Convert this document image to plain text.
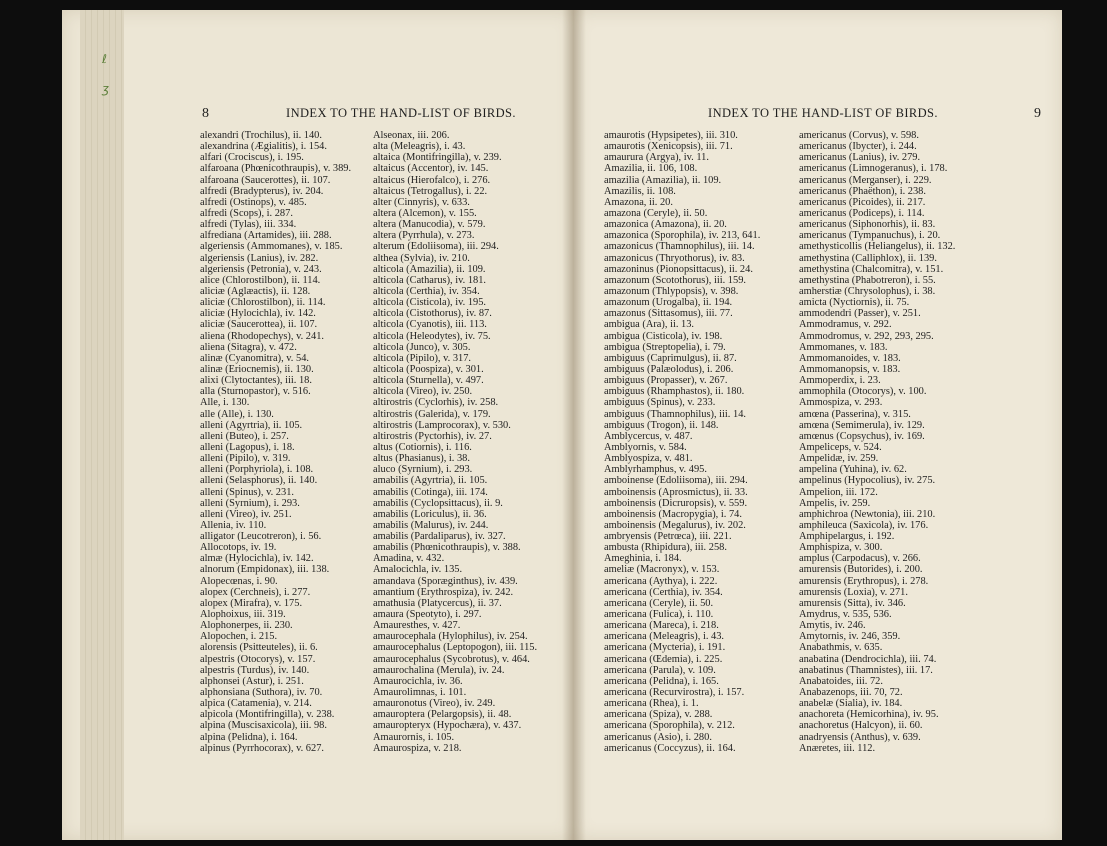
ℓ
ʒ
8	INDEX TO THE HAND-LIST OF BIRDS.
alexandri (Trochilus), ii. 140.
alexandrina (Ægialitis), i. 154.
alfari (Crociscus), i. 195.
alfaroana (Phœnicothraupis), v. 389.
alfaroana (Saucerottes), ii. 107.
alfredi (Bradypterus), iv. 204.
alfredi (Ostinops), v. 485.
alfredi (Scops), i. 287.
alfredi (Tylas), iii. 334.
alfrediana (Artamides), iii. 288.
algeriensis (Ammomanes), v. 185.
algeriensis (Lanius), iv. 282.
algeriensis (Petronia), v. 243.
alice (Chlorostilbon), ii. 114.
aliciæ (Aglæactis), ii. 128.
aliciæ (Chlorostilbon), ii. 114.
aliciæ (Hylocichla), iv. 142.
aliciæ (Saucerottea), ii. 107.
aliena (Rhodopechys), v. 241.
aliena (Sitagra), v. 472.
alinæ (Cyanomitra), v. 54.
alinæ (Eriocnemis), ii. 130.
alixi (Clytoctantes), iii. 18.
alla (Sturnopastor), v. 516.
Alle, i. 130.
alle (Alle), i. 130.
alleni (Agyrtria), ii. 105.
alleni (Buteo), i. 257.
alleni (Lagopus), i. 18.
alleni (Pipilo), v. 319.
alleni (Porphyriola), i. 108.
alleni (Selasphorus), ii. 140.
alleni (Spinus), v. 231.
alleni (Syrnium), i. 293.
alleni (Vireo), iv. 251.
Allenia, iv. 110.
alligator (Leucotreron), i. 56.
Allocotops, iv. 19.
almæ (Hylocichla), iv. 142.
alnorum (Empidonax), iii. 138.
Alopecœnas, i. 90.
alopex (Cerchneis), i. 277.
alopex (Mirafra), v. 175.
Alophoixus, iii. 319.
Alophonerpes, ii. 230.
Alopochen, i. 215.
alorensis (Psitteuteles), ii. 6.
alpestris (Otocorys), v. 157.
alpestris (Turdus), iv. 140.
alphonsei (Astur), i. 251.
alphonsiana (Suthora), iv. 70.
alpica (Catamenia), v. 214.
alpicola (Montifringilla), v. 238.
alpina (Muscisaxicola), iii. 98.
alpina (Pelidna), i. 164.
alpinus (Pyrrhocorax), v. 627.
Alseonax, iii. 206.
alta (Meleagris), i. 43.
altaica (Montifringilla), v. 239.
altaicus (Accentor), iv. 145.
altaicus (Hierofalco), i. 276.
altaicus (Tetrogallus), i. 22.
alter (Cinnyris), v. 633.
altera (Alcemon), v. 155.
altera (Manucodia), v. 579.
altera (Pyrrhula), v. 273.
alterum (Edoliisoma), iii. 294.
althea (Sylvia), iv. 210.
alticola (Amazilia), ii. 109.
alticola (Catharus), iv. 181.
alticola (Certhia), iv. 354.
alticola (Cisticola), iv. 195.
alticola (Cistothorus), iv. 87.
alticola (Cyanotis), iii. 113.
alticola (Heleodytes), iv. 75.
alticola (Junco), v. 305.
alticola (Pipilo), v. 317.
alticola (Poospiza), v. 301.
alticola (Sturnella), v. 497.
alticola (Vireo), iv. 250.
altirostris (Cyclorhis), iv. 258.
altirostris (Galerida), v. 179.
altirostris (Lamprocorax), v. 530.
altirostris (Pyctorhis), iv. 27.
altus (Cotiornis), i. 116.
altus (Phasianus), i. 38.
aluco (Syrnium), i. 293.
amabilis (Agyrtria), ii. 105.
amabilis (Cotinga), iii. 174.
amabilis (Cyclopsittacus), ii. 9.
amabilis (Loriculus), ii. 36.
amabilis (Malurus), iv. 244.
amabilis (Pardaliparus), iv. 327.
amabilis (Phœnicothraupis), v. 388.
Amadina, v. 432.
Amalocichla, iv. 135.
amandava (Sporæginthus), iv. 439.
amantium (Erythrospiza), iv. 242.
amathusia (Platycercus), ii. 37.
amaura (Speotyto), i. 297.
Amauresthes, v. 427.
amaurocephala (Hylophilus), iv. 254.
amaurocephalus (Leptopogon), iii. 115.
amaurocephalus (Sycobrotus), v. 464.
amaurochalina (Merula), iv. 24.
Amaurocichla, iv. 36.
Amaurolimnas, i. 101.
amauronotus (Vireo), iv. 249.
amauroptera (Pelargopsis), ii. 48.
amauropteryx (Hypochæra), v. 437.
Amaurornis, i. 105.
Amaurospiza, v. 218.
INDEX TO THE HAND-LIST OF BIRDS.	9
amaurotis (Hypsipetes), iii. 310.
amaurotis (Xenicopsis), iii. 71.
amaurura (Argya), iv. 11.
Amazilia, ii. 106, 108.
amazilia (Amazilia), ii. 109.
Amazilis, ii. 108.
Amazona, ii. 20.
amazona (Ceryle), ii. 50.
amazonica (Amazona), ii. 20.
amazonica (Sporophila), iv. 213, 641.
amazonicus (Thamnophilus), iii. 14.
amazonicus (Thryothorus), iv. 83.
amazoninus (Pionopsittacus), ii. 24.
amazonum (Scotothorus), iii. 159.
amazonum (Thlypopsis), v. 398.
amazonum (Urogalba), ii. 194.
amazonus (Sittasomus), iii. 77.
ambigua (Ara), ii. 13.
ambigua (Cisticola), iv. 198.
ambigua (Streptopelia), i. 79.
ambiguus (Caprimulgus), ii. 87.
ambiguus (Palæolodus), i. 206.
ambiguus (Propasser), v. 267.
ambiguus (Rhamphastos), ii. 180.
ambiguus (Spinus), v. 233.
ambiguus (Thamnophilus), iii. 14.
ambiguus (Trogon), ii. 148.
Amblycercus, v. 487.
Amblyornis, v. 584.
Amblyospiza, v. 481.
Amblyrhamphus, v. 495.
amboinense (Edoliisoma), iii. 294.
amboinensis (Aprosmictus), ii. 33.
amboinensis (Dicruropsis), v. 559.
amboinensis (Macropygia), i. 74.
amboinensis (Megalurus), iv. 202.
ambryensis (Petrœca), iii. 221.
ambusta (Rhipidura), iii. 258.
Ameghinia, i. 184.
ameliæ (Macronyx), v. 153.
americana (Aythya), i. 222.
americana (Certhia), iv. 354.
americana (Ceryle), ii. 50.
americana (Fulica), i. 110.
americana (Mareca), i. 218.
americana (Meleagris), i. 43.
americana (Mycteria), i. 191.
americana (Œdemia), i. 225.
americana (Parula), v. 109.
americana (Pelidna), i. 165.
americana (Recurvirostra), i. 157.
americana (Rhea), i. 1.
americana (Spiza), v. 288.
americana (Sporophila), v. 212.
americanus (Asio), i. 280.
americanus (Coccyzus), ii. 164.
americanus (Corvus), v. 598.
americanus (Ibycter), i. 244.
americanus (Lanius), iv. 279.
americanus (Limnogeranus), i. 178.
americanus (Merganser), i. 229.
americanus (Phaëthon), i. 238.
americanus (Picoides), ii. 217.
americanus (Podiceps), i. 114.
americanus (Siphonorhis), ii. 83.
americanus (Tympanuchus), i. 20.
amethysticollis (Heliangelus), ii. 132.
amethystina (Calliphlox), ii. 139.
amethystina (Chalcomitra), v. 151.
amethystina (Phabotreron), i. 55.
amherstiæ (Chrysolophus), i. 38.
amicta (Nyctiornis), ii. 75.
ammodendri (Passer), v. 251.
Ammodramus, v. 292.
Ammodromus, v. 292, 293, 295.
Ammomanes, v. 183.
Ammomanoides, v. 183.
Ammomanopsis, v. 183.
Ammoperdix, i. 23.
ammophila (Otocorys), v. 100.
Ammospiza, v. 293.
amœna (Passerina), v. 315.
amœna (Semimerula), iv. 129.
amœnus (Copsychus), iv. 169.
Ampeliceps, v. 524.
Ampelidæ, iv. 259.
ampelina (Yuhina), iv. 62.
ampelinus (Hypocolius), iv. 275.
Ampelion, iii. 172.
Ampelis, iv. 259.
amphichroa (Newtonia), iii. 210.
amphileuca (Saxicola), iv. 176.
Amphipelargus, i. 192.
Amphispiza, v. 300.
amplus (Carpodacus), v. 266.
amurensis (Butorides), i. 200.
amurensis (Erythropus), i. 278.
amurensis (Loxia), v. 271.
amurensis (Sitta), iv. 346.
Amydrus, v. 535, 536.
Amytis, iv. 246.
Amytornis, iv. 246, 359.
Anabathmis, v. 635.
anabatina (Dendrocichla), iii. 74.
anabatinus (Thamnistes), iii. 17.
Anabatoides, iii. 72.
Anabazenops, iii. 70, 72.
anabelæ (Sialia), iv. 184.
anachoreta (Hemicorhina), iv. 95.
anachoretus (Halcyon), ii. 60.
anadryensis (Anthus), v. 639.
Anæretes, iii. 112.
